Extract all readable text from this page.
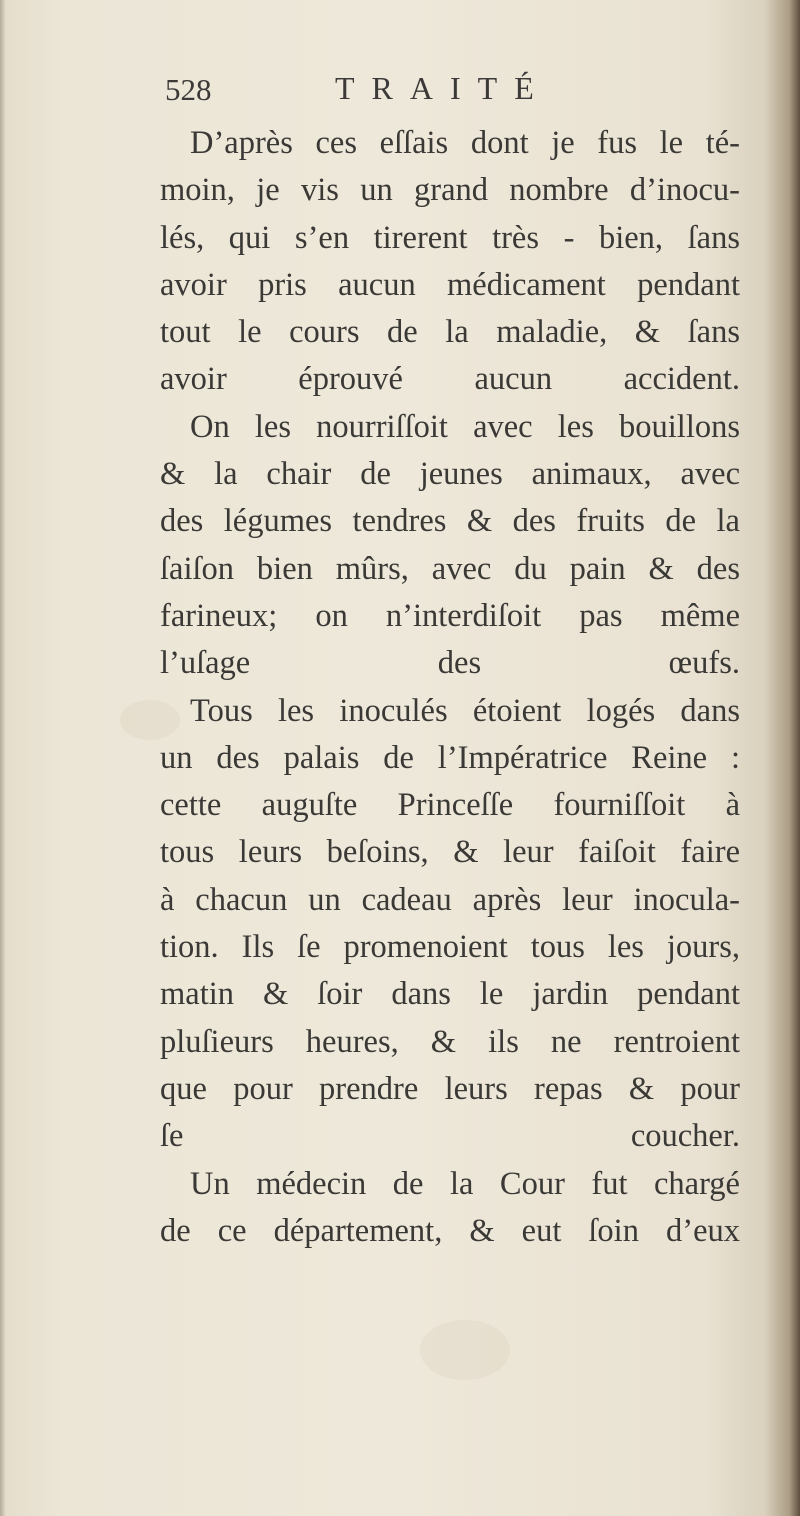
528	TRAITÉ
D’après ces eſſais dont je fus le té-
moin, je vis un grand nombre d’inocu-
lés, qui s’en tirerent très - bien, ſans
avoir pris aucun médicament pendant
tout le cours de la maladie, & ſans
avoir éprouvé aucun accident.
On les nourriſſoit avec les bouillons
& la chair de jeunes animaux, avec
des légumes tendres & des fruits de la
ſaiſon bien mûrs, avec du pain & des
farineux; on n’interdiſoit pas même
l’uſage des œufs.
Tous les inoculés étoient logés dans
un des palais de l’Impératrice Reine :
cette auguſte Princeſſe fourniſſoit à
tous leurs beſoins, & leur faiſoit faire
à chacun un cadeau après leur inocula-
tion. Ils ſe promenoient tous les jours,
matin & ſoir dans le jardin pendant
pluſieurs heures, & ils ne rentroient
que pour prendre leurs repas & pour
ſe coucher.
Un médecin de la Cour fut chargé
de ce département, & eut ſoin d’eux
